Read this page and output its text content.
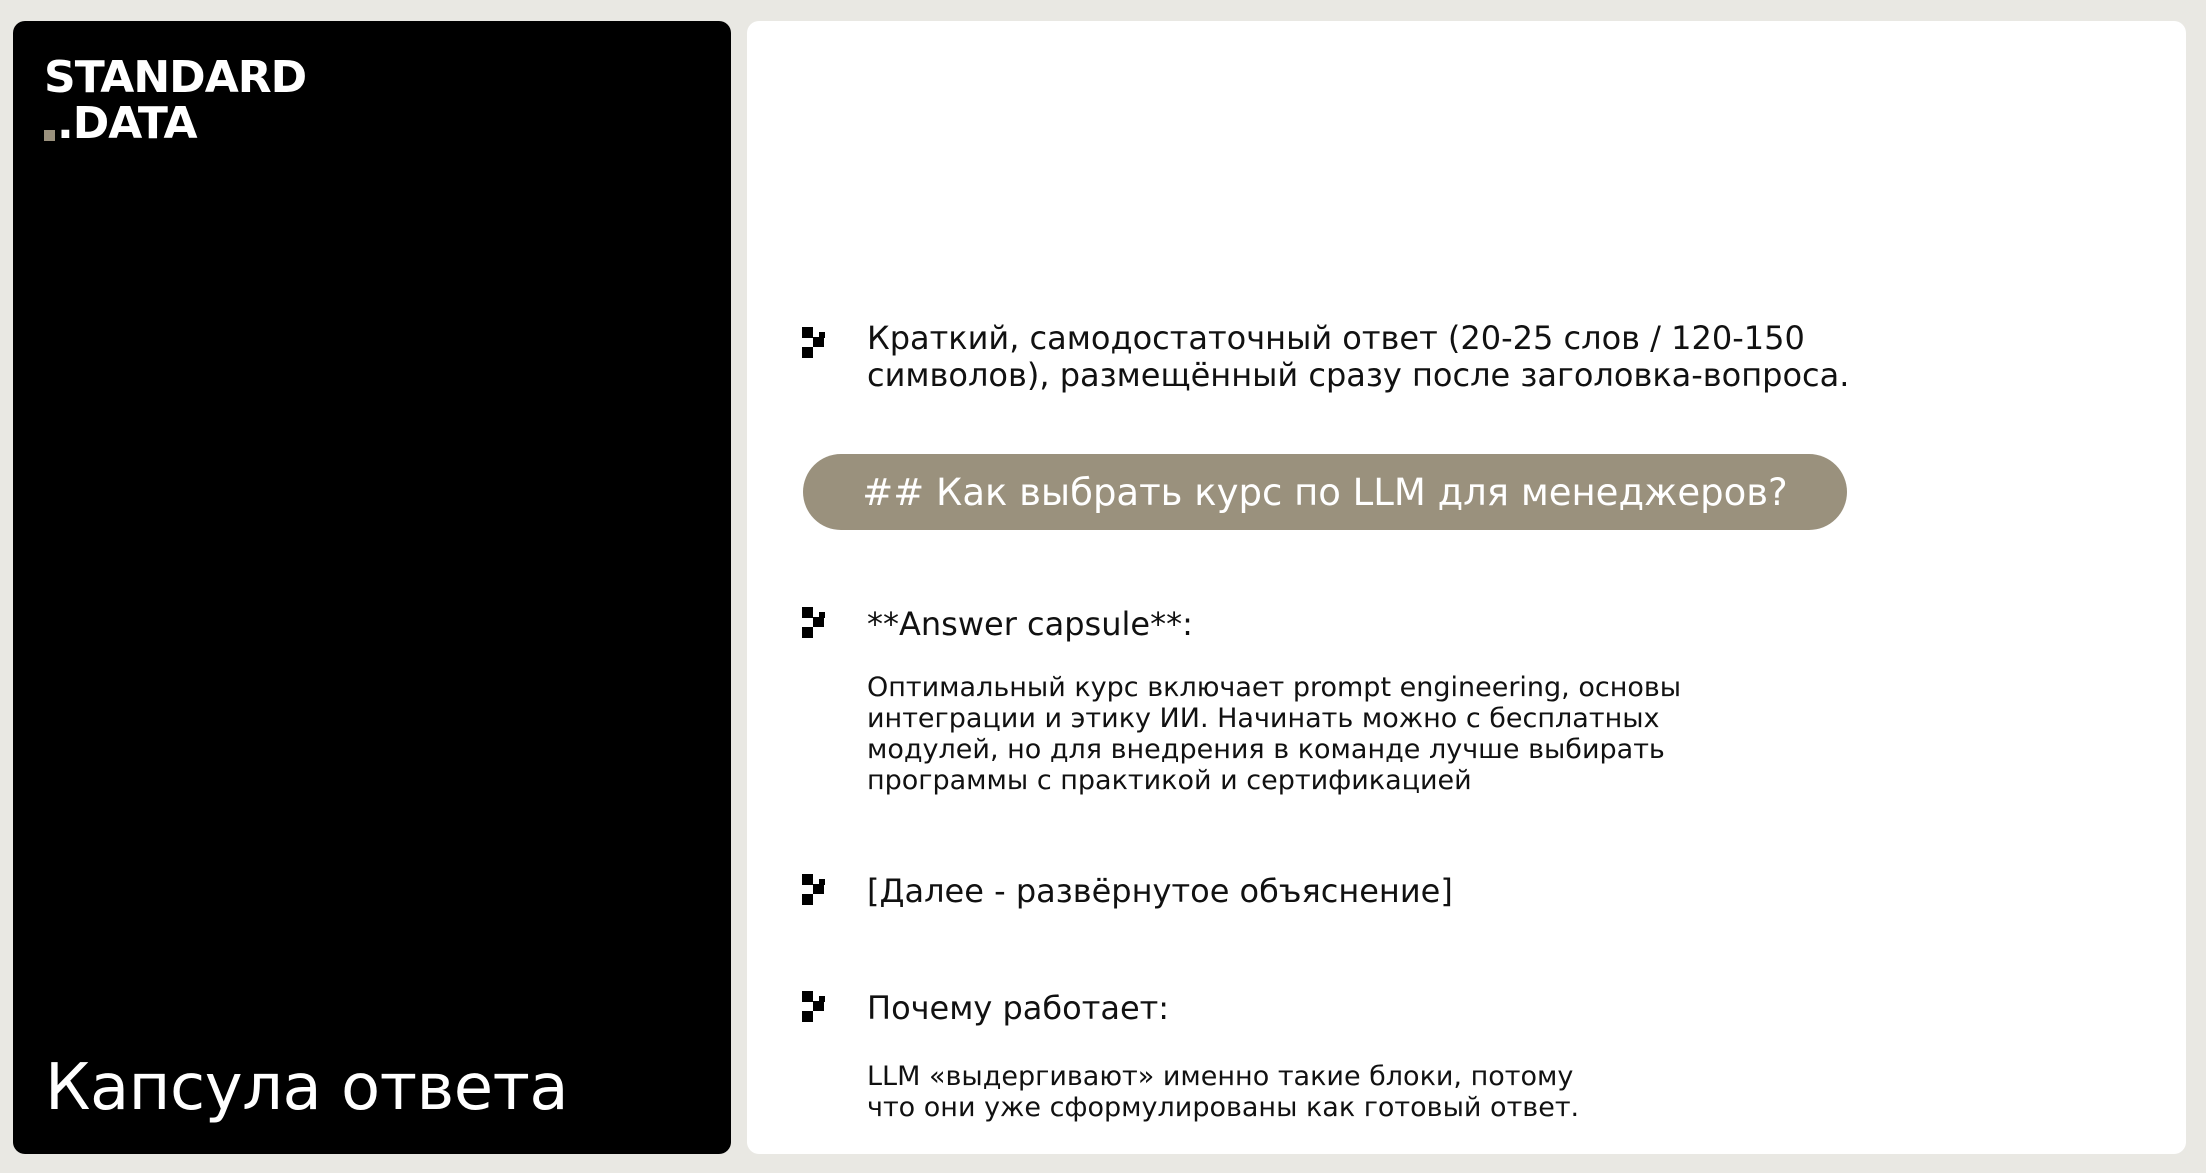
STANDARD
.DATA
Капсула ответа
Краткий, самодостаточный ответ (20-25 слов / 120-150
символов), размещённый сразу после заголовка-вопроса.
## Как выбрать курс по LLM для менеджеров?
**Answer capsule**:
Оптимальный курс включает prompt engineering, основы
интеграции и этику ИИ. Начинать можно с бесплатных
модулей, но для внедрения в команде лучше выбирать
программы с практикой и сертификацией
[Далее - развёрнутое объяснение]
Почему работает:
LLM «выдергивают» именно такие блоки, потому
что они уже сформулированы как готовый ответ.
